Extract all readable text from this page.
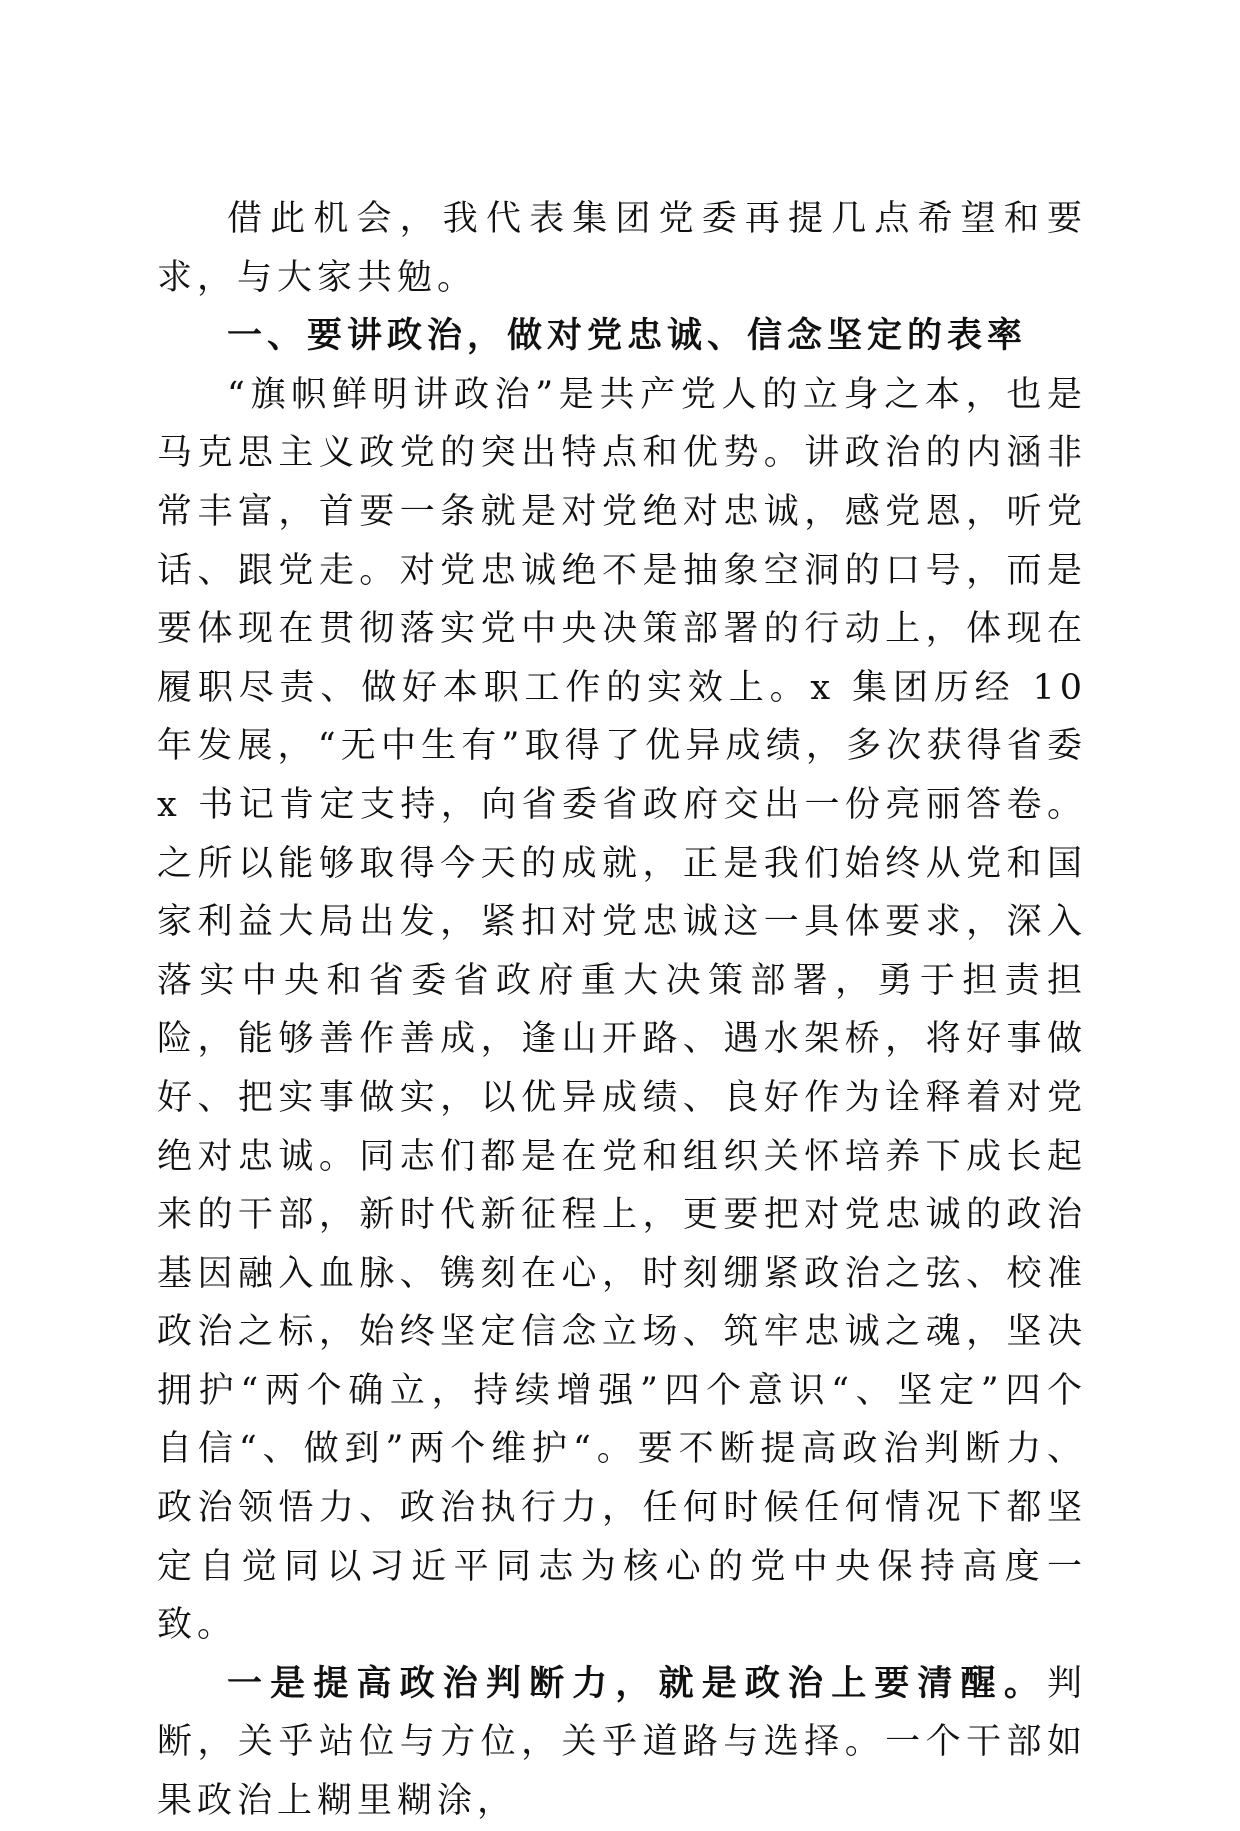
借此机会，我代表集团党委再提几点希望和要求，与大家共勉。

一、要讲政治，做对党忠诚、信念坚定的表率

“旗帜鲜明讲政治”是共产党人的立身之本，也是马克思主义政党的突出特点和优势。讲政治的内涵非常丰富，首要一条就是对党绝对忠诚，感党恩，听党话、跟党走。对党忠诚绝不是抽象空洞的口号，而是要体现在贯彻落实党中央决策部署的行动上，体现在履职尽责、做好本职工作的实效上。x 集团历经 10 年发展，“无中生有”取得了优异成绩，多次获得省委 x 书记肯定支持，向省委省政府交出一份亮丽答卷。之所以能够取得今天的成就，正是我们始终从党和国家利益大局出发，紧扣对党忠诚这一具体要求，深入落实中央和省委省政府重大决策部署，勇于担责担险，能够善作善成，逢山开路、遇水架桥，将好事做好、把实事做实，以优异成绩、良好作为诠释着对党绝对忠诚。同志们都是在党和组织关怀培养下成长起来的干部，新时代新征程上，更要把对党忠诚的政治基因融入血脉、镌刻在心，时刻绷紧政治之弦、校准政治之标，始终坚定信念立场、筑牢忠诚之魂，坚决拥护“两个确立，持续增强”四个意识“、坚定”四个自信“、做到”两个维护“。要不断提高政治判断力、政治领悟力、政治执行力，任何时候任何情况下都坚定自觉同以习近平同志为核心的党中央保持高度一致。

一是提高政治判断力，就是政治上要清醒。判断，关乎站位与方位，关乎道路与选择。一个干部如果政治上糊里糊涂，
